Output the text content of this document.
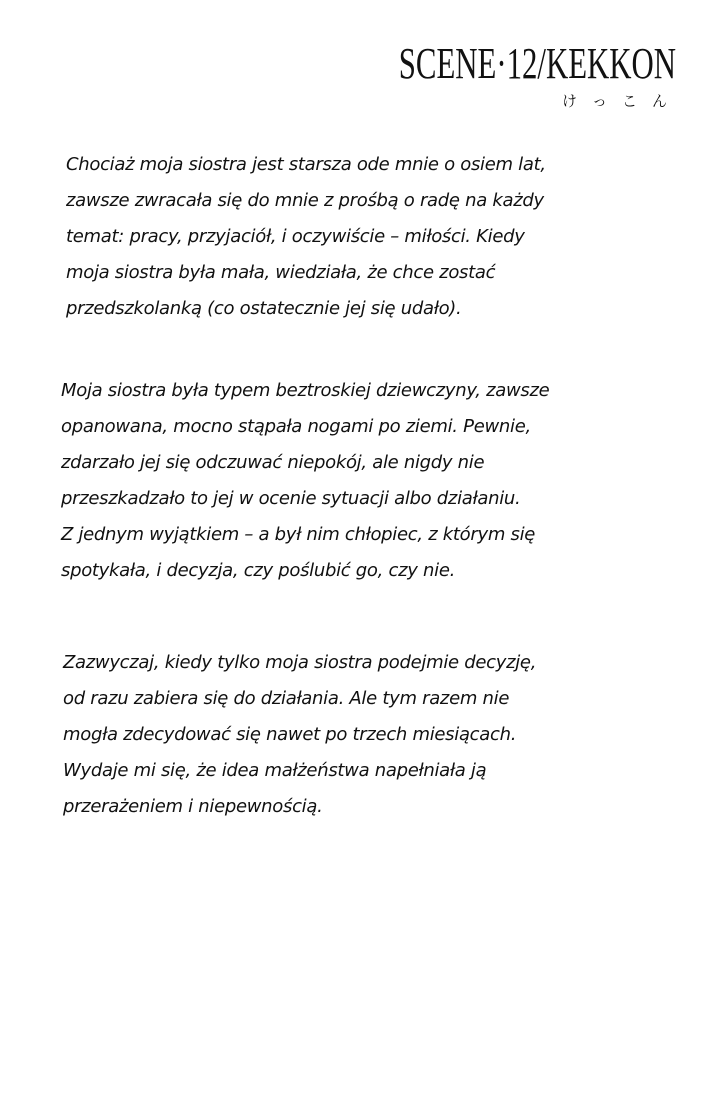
SCENE·12/KEKKON
けっこん

Chociaż moja siostra jest starsza ode mnie o osiem lat,
zawsze zwracała się do mnie z prośbą o radę na każdy
temat: pracy, przyjaciół, i oczywiście – miłości. Kiedy
moja siostra była mała, wiedziała, że chce zostać
przedszkolanką (co ostatecznie jej się udało).

Moja siostra była typem beztroskiej dziewczyny, zawsze
opanowana, mocno stąpała nogami po ziemi. Pewnie,
zdarzało jej się odczuwać niepokój, ale nigdy nie
przeszkadzało to jej w ocenie sytuacji albo działaniu.
Z jednym wyjątkiem – a był nim chłopiec, z którym się
spotykała, i decyzja, czy poślubić go, czy nie.

Zazwyczaj, kiedy tylko moja siostra podejmie decyzję,
od razu zabiera się do działania. Ale tym razem nie
mogła zdecydować się nawet po trzech miesiącach.
Wydaje mi się, że idea małżeństwa napełniała ją
przerażeniem i niepewnością.
